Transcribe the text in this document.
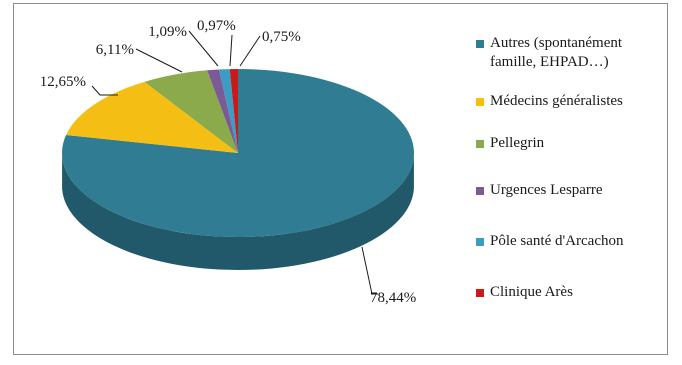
78,44%
12,65%
6,11%
1,09% 0,97%
0,75%	Autres (spontanément famille, EHPAD…)
Médecins généralistes
Pellegrin
Urgences Lesparre
Pôle santé d'Arcachon
Clinique Arès
